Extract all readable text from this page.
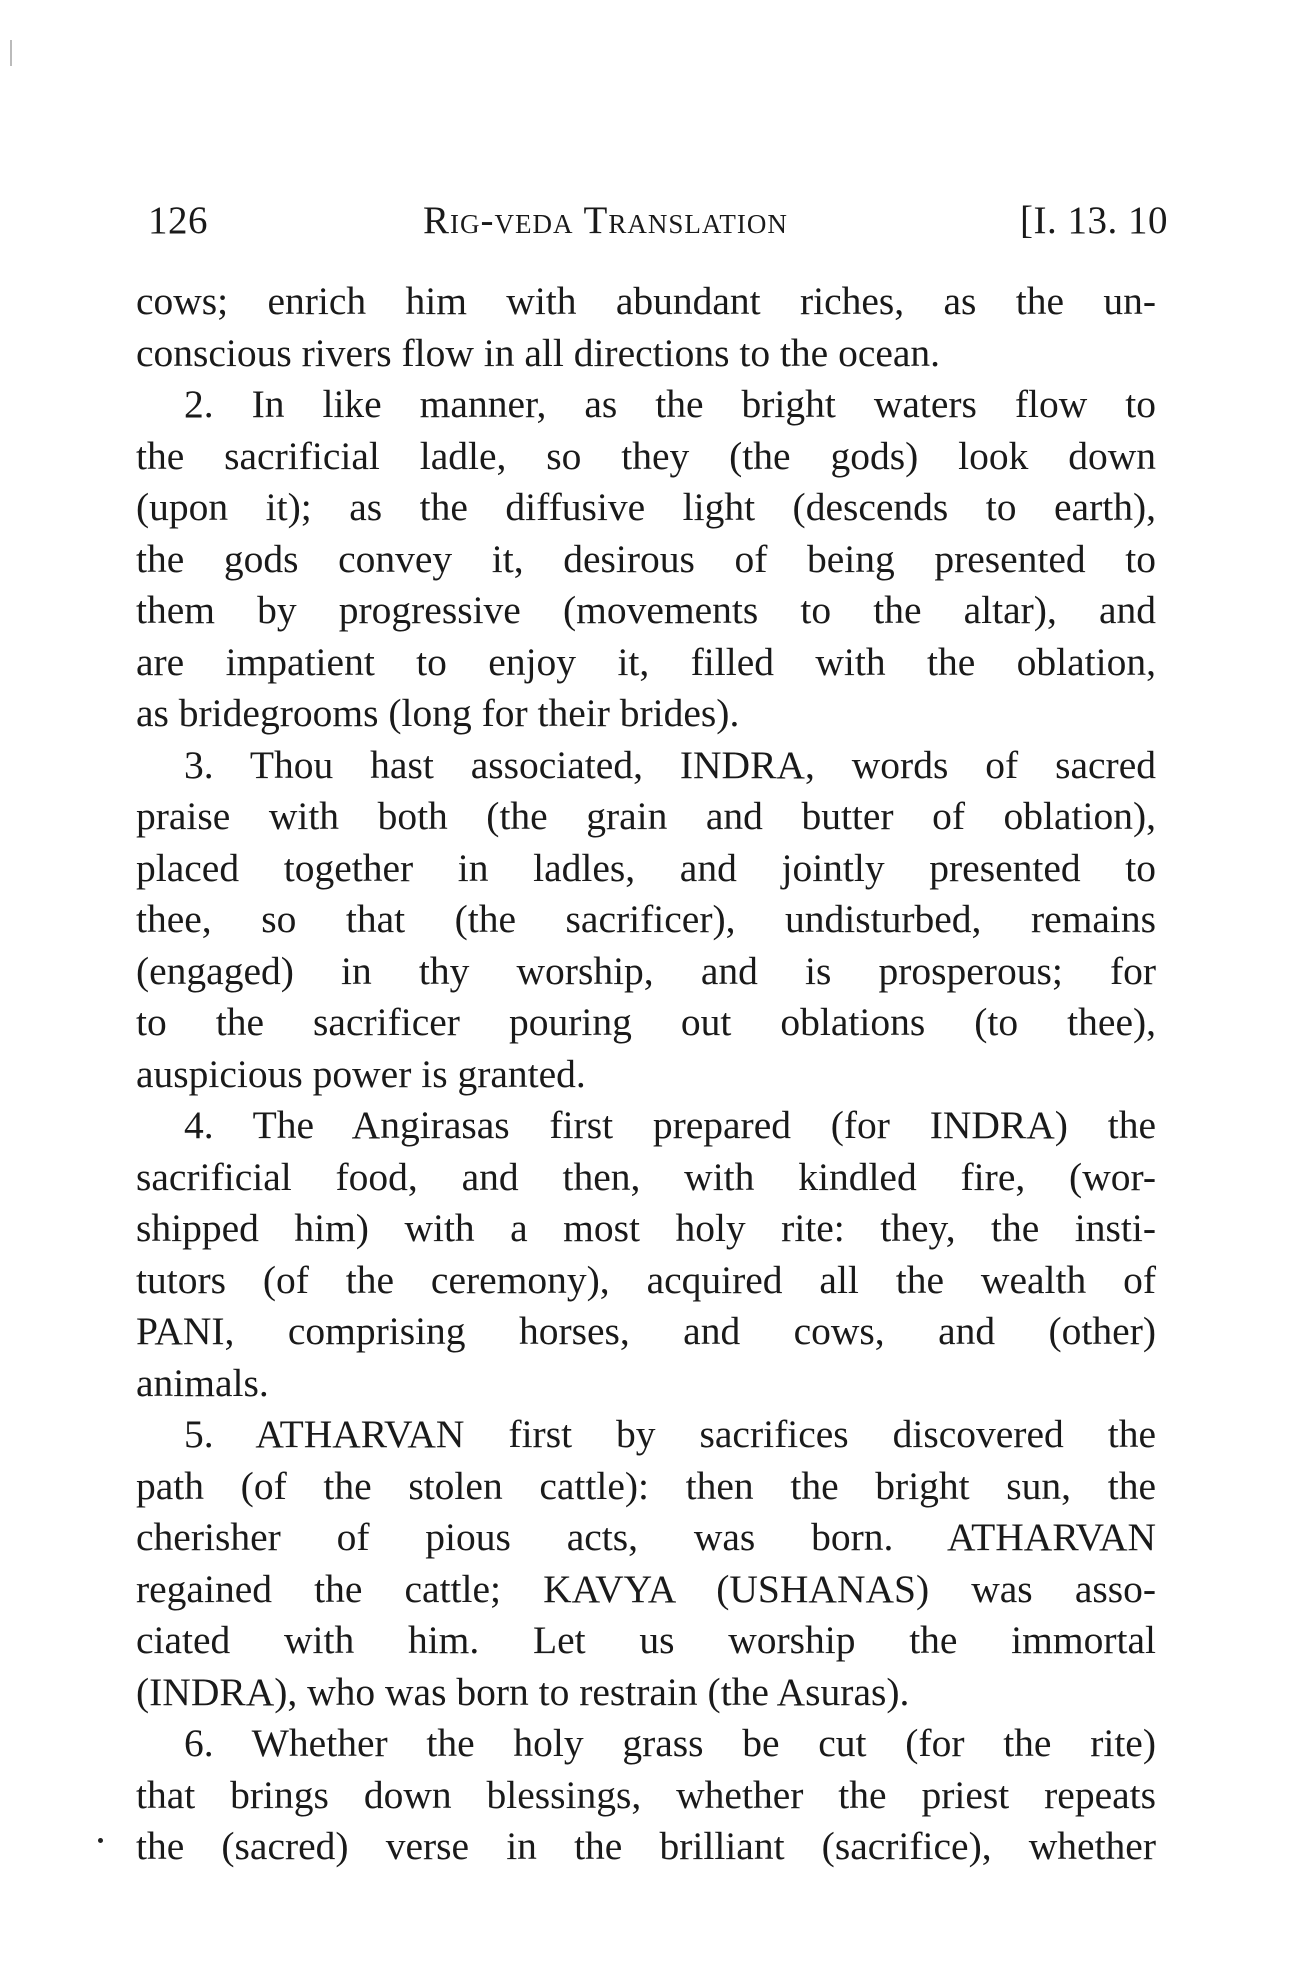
126	Rig-veda Translation	[I. 13. 10
cows; enrich him with abundant riches, as the un-
conscious rivers flow in all directions to the ocean.
2. In like manner, as the bright waters flow to
the sacrificial ladle, so they (the gods) look down
(upon it); as the diffusive light (descends to earth),
the gods convey it, desirous of being presented to
them by progressive (movements to the altar), and
are impatient to enjoy it, filled with the oblation,
as bridegrooms (long for their brides).
3. Thou hast associated, INDRA, words of sacred
praise with both (the grain and butter of oblation),
placed together in ladles, and jointly presented to
thee, so that (the sacrificer), undisturbed, remains
(engaged) in thy worship, and is prosperous; for
to the sacrificer pouring out oblations (to thee),
auspicious power is granted.
4. The Angirasas first prepared (for INDRA) the
sacrificial food, and then, with kindled fire, (wor-
shipped him) with a most holy rite: they, the insti-
tutors (of the ceremony), acquired all the wealth of
PANI, comprising horses, and cows, and (other)
animals.
5. ATHARVAN first by sacrifices discovered the
path (of the stolen cattle): then the bright sun, the
cherisher of pious acts, was born. ATHARVAN
regained the cattle; KAVYA (USHANAS) was asso-
ciated with him. Let us worship the immortal
(INDRA), who was born to restrain (the Asuras).
6. Whether the holy grass be cut (for the rite)
that brings down blessings, whether the priest repeats
the (sacred) verse in the brilliant (sacrifice), whether
